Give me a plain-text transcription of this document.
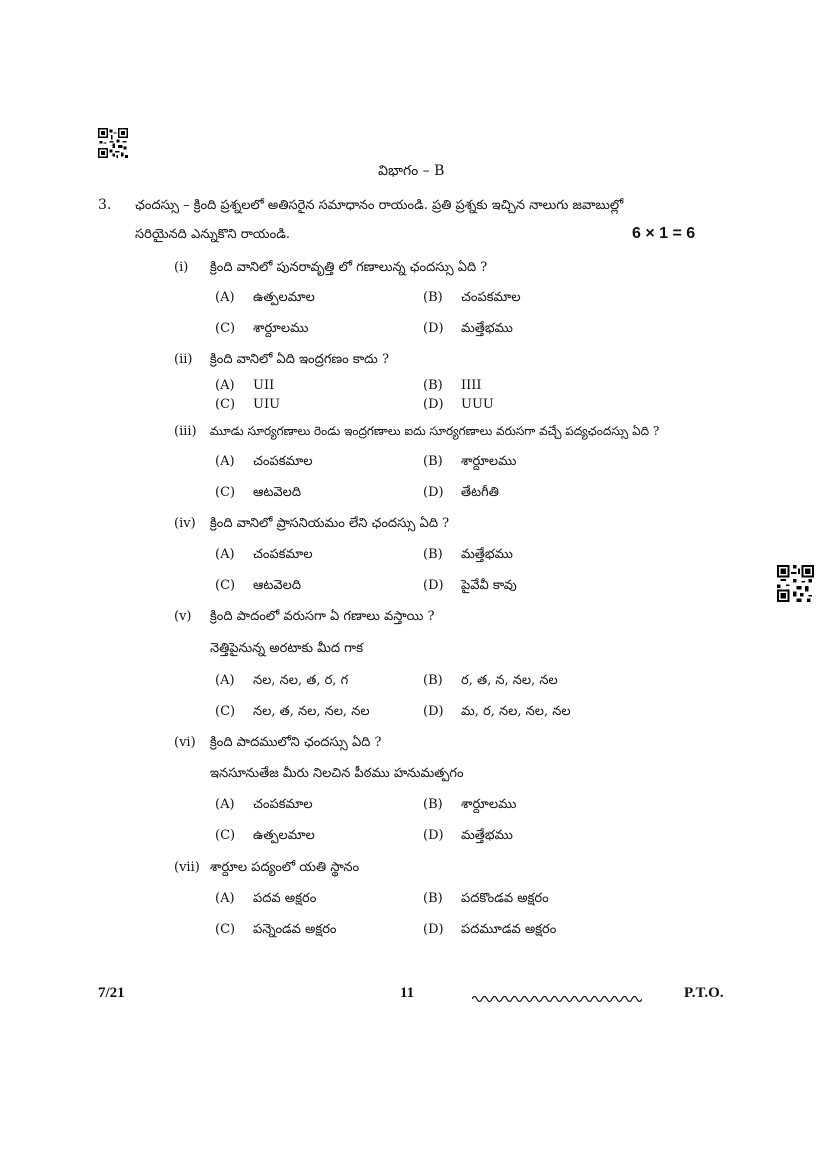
విభాగం – B
3. ఛందస్సు – క్రింది ప్రశ్నలలో అతిసరైన సమాధానం రాయండి. ప్రతి ప్రశ్నకు ఇచ్చిన నాలుగు జవాబుల్లో
సరియైనది ఎన్నుకొని రాయండి.	6 × 1 = 6
(i) క్రింది వానిలో పునరావృత్తి లో గణాలున్న ఛందస్సు ఏది ?
(A) ఉత్పలమాల	(B) చంపకమాల
(C) శార్దూలము	(D) మత్తేభము
(ii) క్రింది వానిలో ఏది ఇంద్రగణం కాదు ?
(A) UII	(B) IIII
(C) UIU	(D) UUU
(iii) మూడు సూర్యగణాలు రెండు ఇంద్రగణాలు ఐదు సూర్యగణాలు వరుసగా వచ్చే పద్యఛందస్సు ఏది ?
(A) చంపకమాల	(B) శార్దూలము
(C) ఆటవెలది	(D) తేటగీతి
(iv) క్రింది వానిలో ప్రాసనియమం లేని ఛందస్సు ఏది ?
(A) చంపకమాల	(B) మత్తేభము
(C) ఆటవెలది	(D) పైవేవీ కావు
(v) క్రింది పాదంలో వరుసగా ఏ గణాలు వస్తాయి ?
నెత్తిపైనున్న అరటాకు మీద గాక
(A) నల, నల, త, ర, గ	(B) ర, త, న, నల, నల
(C) నల, త, నల, నల, నల	(D) మ, ర, నల, నల, నల
(vi) క్రింది పాదములోని ఛందస్సు ఏది ?
ఇనసూనుతేజ మీరు నిలచిన పీఠము హనుమత్పగం
(A) చంపకమాల	(B) శార్దూలము
(C) ఉత్పలమాల	(D) మత్తేభము
(vii) శార్దూల పద్యంలో యతి స్థానం
(A) పదవ అక్షరం	(B) పదకొండవ అక్షరం
(C) పన్నెండవ అక్షరం	(D) పదమూడవ అక్షరం
7/21	11	P.T.O.
